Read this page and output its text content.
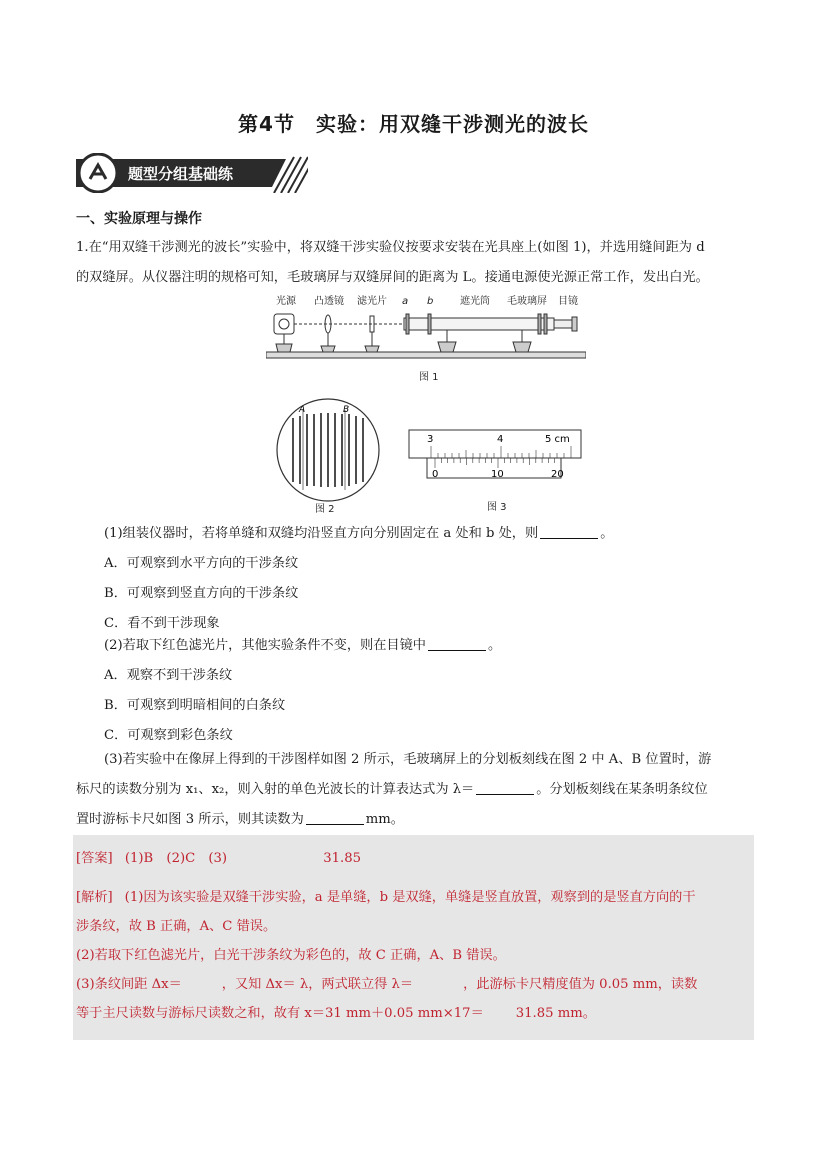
第4节　实验：用双缝干涉测光的波长
题型分组基础练
一、实验原理与操作
1.在“用双缝干涉测光的波长”实验中，将双缝干涉实验仪按要求安装在光具座上(如图 1)，并选用缝间距为 d
的双缝屏。从仪器注明的规格可知，毛玻璃屏与双缝屏间的距离为 L。接通电源使光源正常工作，发出白光。
光源 凸透镜 滤光片 a b	遮光筒 毛玻璃屏 目镜
图 1
A	B
图 2
3	4	5 cm
0	10	20
图 3
(1)组装仪器时，若将单缝和双缝均沿竖直方向分别固定在 a 处和 b 处，则	。
A．可观察到水平方向的干涉条纹
B．可观察到竖直方向的干涉条纹
C．看不到干涉现象
(2)若取下红色滤光片，其他实验条件不变，则在目镜中	。
A．观察不到干涉条纹
B．可观察到明暗相间的白条纹
C．可观察到彩色条纹
(3)若实验中在像屏上得到的干涉图样如图 2 所示，毛玻璃屏上的分划板刻线在图 2 中 A、B 位置时，游
标尺的读数分别为 x₁、x₂，则入射的单色光波长的计算表达式为 λ＝	。分划板刻线在某条明条纹位
置时游标卡尺如图 3 所示，则其读数为	mm。
[答案] (1)B　(2)C　(3)	31.85
[解析] (1)因为该实验是双缝干涉实验，a 是单缝，b 是双缝，单缝是竖直放置，观察到的是竖直方向的干
涉条纹，故 B 正确，A、C 错误。
(2)若取下红色滤光片，白光干涉条纹为彩色的，故 C 正确，A、B 错误。
(3)条纹间距 Δx＝	，又知 Δx＝ λ，两式联立得 λ＝	，此游标卡尺精度值为 0.05 mm，读数
等于主尺读数与游标尺读数之和，故有 x＝31 mm＋0.05 mm×17＝ 31.85 mm。
